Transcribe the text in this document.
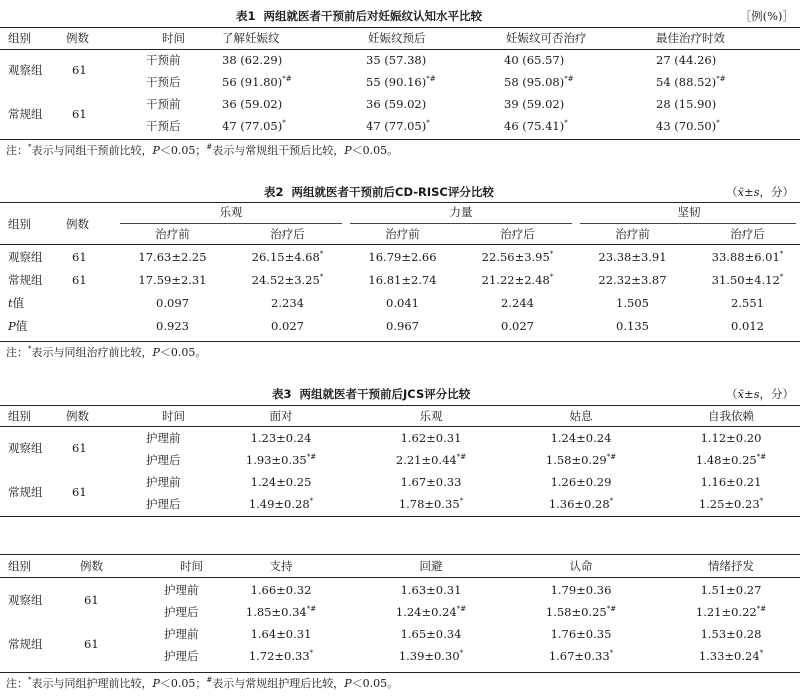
表1 两组就医者干预前后对妊娠纹认知水平比较	［例(%)］
组别	例数	时间	了解妊娠纹	妊娠纹预后	妊娠纹可否治疗	最佳治疗时效
观察组	61
干预前	38 (62.29)	35 (57.38)	40 (65.57)	27 (44.26)
干预后	56 (91.80)*#	55 (90.16)*#	58 (95.08)*#	54 (88.52)*#
常规组	61
干预前	36 (59.02)	36 (59.02)	39 (59.02)	28 (15.90)
干预后	47 (77.05)*	47 (77.05)*	46 (75.41)*	43 (70.50)*
注：*表示与同组干预前比较，P＜0.05；#表示与常规组干预后比较，P＜0.05。
表2 两组就医者干预前后CD-RISC评分比较	（x̄±s，分）
组别	例数
乐观	力量	坚韧
治疗前	治疗后	治疗前	治疗后	治疗前	治疗后
观察组	61	17.63±2.25	26.15±4.68*	16.79±2.66	22.56±3.95*	23.38±3.91	33.88±6.01*
常规组	61	17.59±2.31	24.52±3.25*	16.81±2.74	21.22±2.48*	22.32±3.87	31.50±4.12*
t值	0.097	2.234	0.041	2.244	1.505	2.551
P值	0.923	0.027	0.967	0.027	0.135	0.012
注：*表示与同组治疗前比较，P＜0.05。
表3 两组就医者干预前后JCS评分比较	（x̄±s，分）
组别	例数	时间	面对	乐观	姑息	自我依赖
观察组	61
护理前	1.23±0.24	1.62±0.31	1.24±0.24	1.12±0.20
护理后	1.93±0.35*#	2.21±0.44*#	1.58±0.29*#	1.48±0.25*#
常规组	61
护理前	1.24±0.25	1.67±0.33	1.26±0.29	1.16±0.21
护理后	1.49±0.28*	1.78±0.35*	1.36±0.28*	1.25±0.23*
组别	例数	时间	支持	回避	认命	情绪抒发
观察组	61
护理前	1.66±0.32	1.63±0.31	1.79±0.36	1.51±0.27
护理后	1.85±0.34*#	1.24±0.24*#	1.58±0.25*#	1.21±0.22*#
常规组	61
护理前	1.64±0.31	1.65±0.34	1.76±0.35	1.53±0.28
护理后	1.72±0.33*	1.39±0.30*	1.67±0.33*	1.33±0.24*
注：*表示与同组护理前比较，P＜0.05；#表示与常规组护理后比较，P＜0.05。
